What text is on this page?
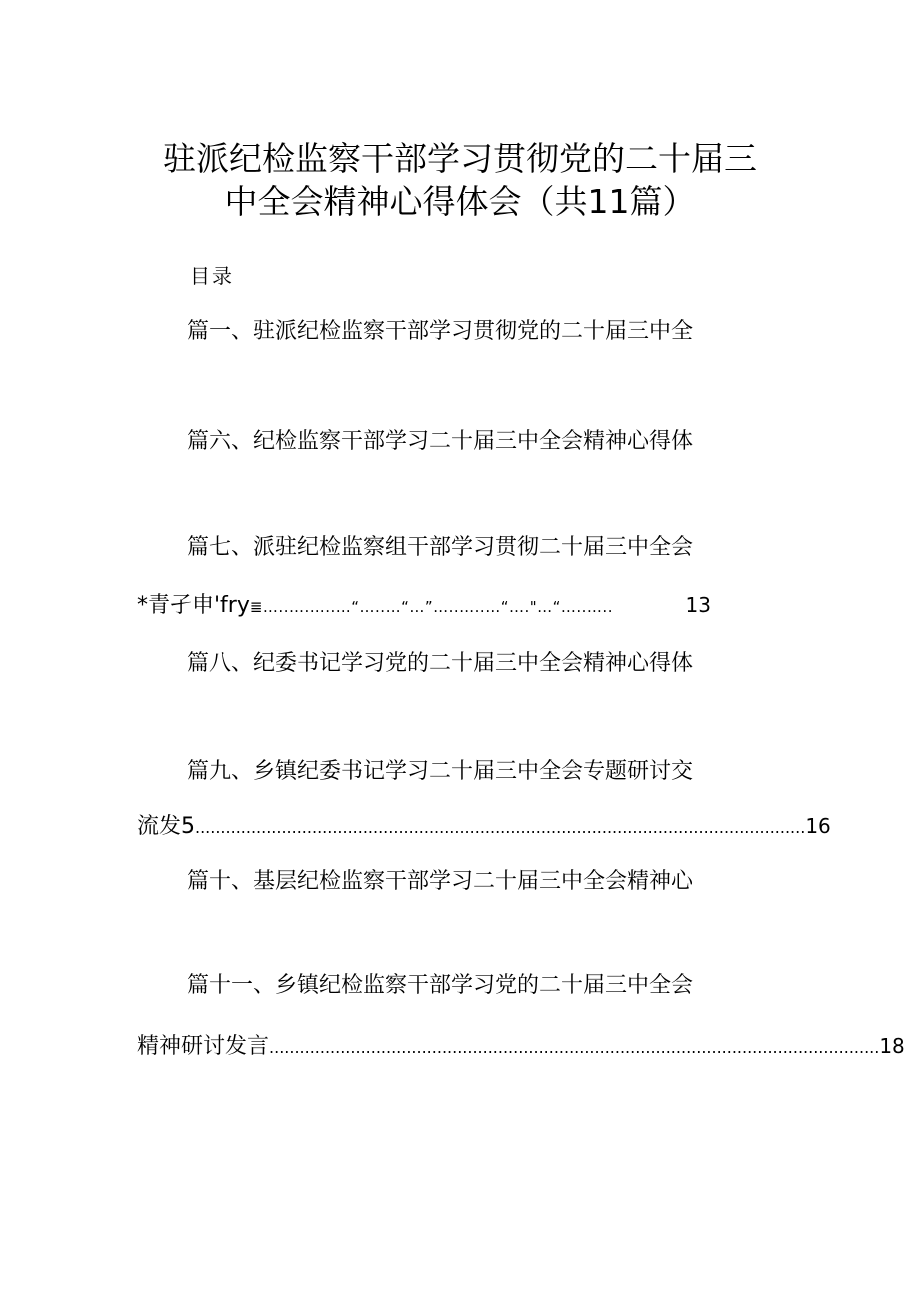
驻派纪检监察干部学习贯彻党的二十届三
中全会精神心得体会（共11篇）
目录
篇一、驻派纪检监察干部学习贯彻党的二十届三中全
篇六、纪检监察干部学习二十届三中全会精神心得体
篇七、派驻纪检监察组干部学习贯彻二十届三中全会
*青孑申'fry ≣…..….…..…“…..…“…”…..…..…“…."…“…..…..	13
篇八、纪委书记学习党的二十届三中全会精神心得体
篇九、乡镇纪委书记学习二十届三中全会专题研讨交
流发5 ........................................................................................................................ 16
篇十、基层纪检监察干部学习二十届三中全会精神心
篇十一、乡镇纪检监察干部学习党的二十届三中全会
精神研讨发言 ........................................................................................................................ 18
